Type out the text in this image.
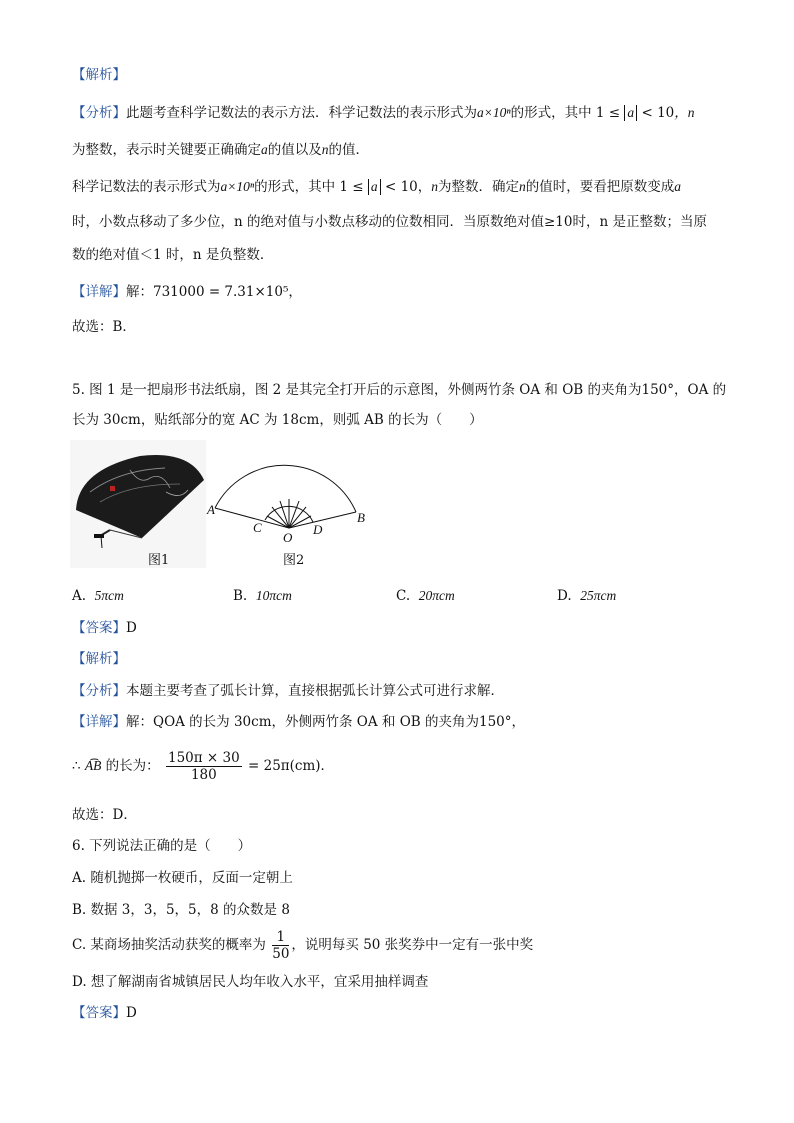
【解析】
【分析】此题考查科学记数法的表示方法．科学记数法的表示形式为a×10ⁿ的形式，其中 1 ≤ a < 10，n
为整数，表示时关键要正确确定a的值以及n的值．
科学记数法的表示形式为a×10ⁿ的形式，其中 1 ≤ a < 10，n为整数．确定n的值时，要看把原数变成a
时，小数点移动了多少位，n 的绝对值与小数点移动的位数相同．当原数绝对值≥10时，n 是正整数；当原
数的绝对值＜1 时，n 是负整数．
【详解】解：731000 = 7.31×10⁵，
故选：B．
5. 图 1 是一把扇形书法纸扇，图 2 是其完全打开后的示意图，外侧两竹条 OA 和 OB 的夹角为150°，OA 的
长为 30cm，贴纸部分的宽 AC 为 18cm，则弧 AB 的长为（　　）
图1
A
B
C	D
O
图2
A. 5πcm	B. 10πcm	C. 20πcm	D. 25πcm
【答案】D
【解析】
【分析】本题主要考查了弧长计算，直接根据弧长计算公式可进行求解．
【详解】解：QOA 的长为 30cm，外侧两竹条 OA 和 OB 的夹角为150°，
∴ A͡B 的长为： $\frac{150\pi \times 30}{180} = 25\pi(cm)$．
故选：D．
6. 下列说法正确的是（　　）
A. 随机抛掷一枚硬币，反面一定朝上
B. 数据 3，3，5，5，8 的众数是 8
C. 某商场抽奖活动获奖的概率为 $\frac{1}{50}$ ，说明每买 50 张奖券中一定有一张中奖
D. 想了解湖南省城镇居民人均年收入水平，宜采用抽样调查
【答案】D
